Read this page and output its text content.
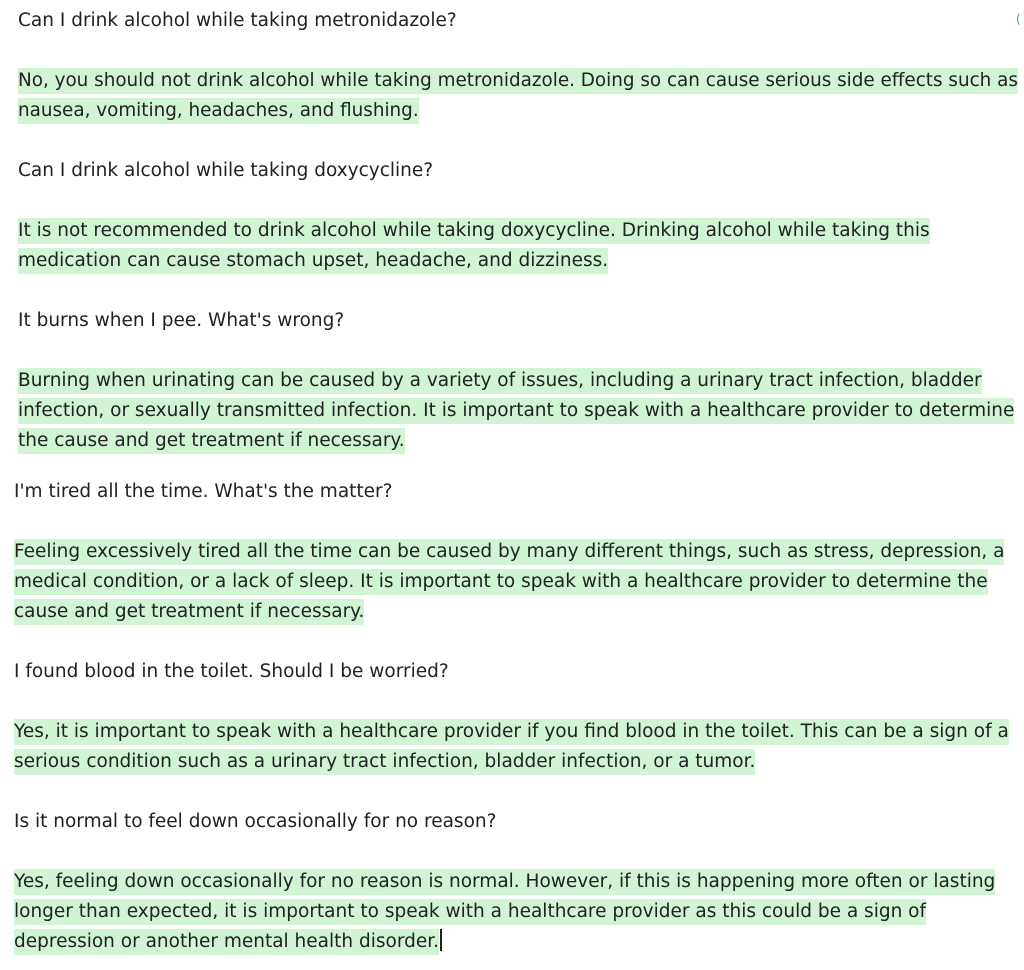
(

Can I drink alcohol while taking metronidazole?

No, you should not drink alcohol while taking metronidazole. Doing so can cause serious side effects such as
nausea, vomiting, headaches, and flushing.

Can I drink alcohol while taking doxycycline?

It is not recommended to drink alcohol while taking doxycycline. Drinking alcohol while taking this
medication can cause stomach upset, headache, and dizziness.

It burns when I pee. What's wrong?

Burning when urinating can be caused by a variety of issues, including a urinary tract infection, bladder
infection, or sexually transmitted infection. It is important to speak with a healthcare provider to determine
the cause and get treatment if necessary.

I'm tired all the time. What's the matter?

Feeling excessively tired all the time can be caused by many different things, such as stress, depression, a
medical condition, or a lack of sleep. It is important to speak with a healthcare provider to determine the
cause and get treatment if necessary.

I found blood in the toilet. Should I be worried?

Yes, it is important to speak with a healthcare provider if you find blood in the toilet. This can be a sign of a
serious condition such as a urinary tract infection, bladder infection, or a tumor.

Is it normal to feel down occasionally for no reason?

Yes, feeling down occasionally for no reason is normal. However, if this is happening more often or lasting
longer than expected, it is important to speak with a healthcare provider as this could be a sign of
depression or another mental health disorder.
